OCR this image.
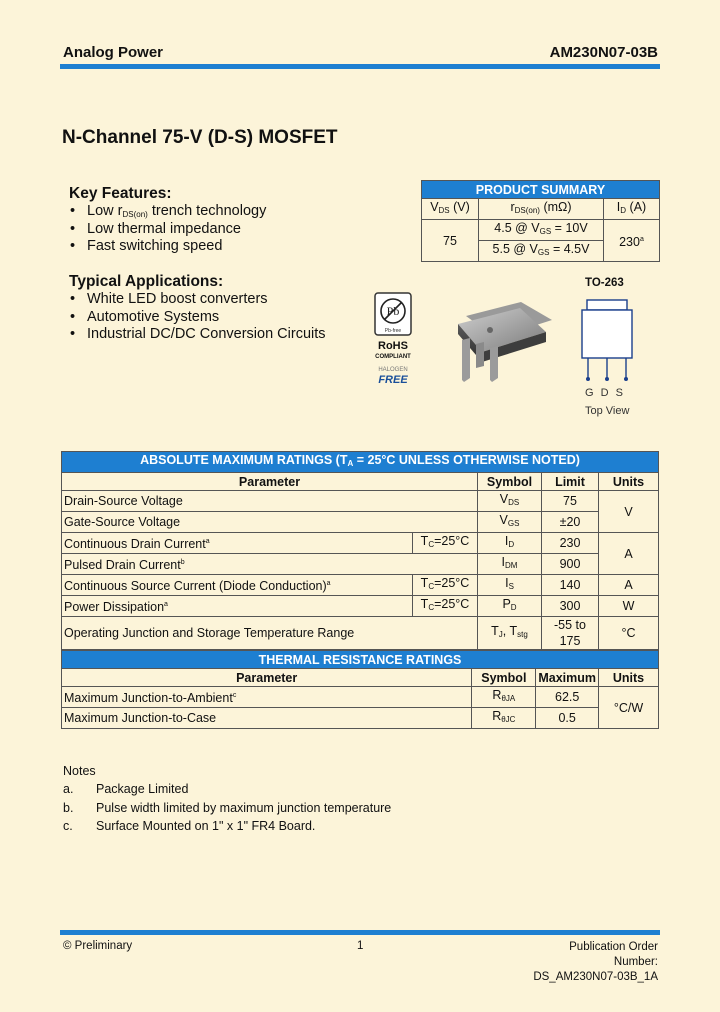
Analog Power	AM230N07-03B
N-Channel 75-V (D-S) MOSFET
Key Features:
• Low $r_{DS(on)}$ trench technology
• Low thermal impedance
• Fast switching speed
Typical Applications:
• White LED boost converters
• Automotive Systems
• Industrial DC/DC Conversion Circuits
PRODUCT SUMMARY		
$V_{DS}$ (V)	$r_{DS(on)}$ (mΩ)	$I_D$ (A)
75	4.5 @ $V_{GS} = 10V$	230$^a$
	5.5 @ $V_{GS} = 4.5V$	
Pb
Pb-free
RoHS
COMPLIANT
HALOGEN
FREE
TO-263
G D S
Top View
ABSOLUTE MAXIMUM RATINGS ($T_A = 25^\circ C$ UNLESS OTHERWISE NOTED)				
Parameter		Symbol	Limit	Units
Drain-Source Voltage		$V_{DS}$	75	V
Gate-Source Voltage		$V_{GS}$	±20	
Continuous Drain Current$^a$	$T_C=25^\circ C$	$I_D$	230	A
Pulsed Drain Current$^b$		$I_{DM}$	900	
Continuous Source Current (Diode Conduction)$^a$	$T_C=25^\circ C$	$I_S$	140	A
Power Dissipation$^a$	$T_C=25^\circ C$	$P_D$	300	W
Operating Junction and Storage Temperature Range		$T_J$, $T_{stg}$	-55 to 175	°C
THERMAL RESISTANCE RATINGS			
Parameter	Symbol	Maximum	Units
Maximum Junction-to-Ambient$^c$	$R_{\theta JA}$	62.5	°C/W
Maximum Junction-to-Case	$R_{\theta JC}$	0.5	
Notes
a. Package Limited
b. Pulse width limited by maximum junction temperature
c. Surface Mounted on 1" x 1" FR4 Board.
© Preliminary	1	Publication Order Number:
DS_AM230N07-03B_1A
